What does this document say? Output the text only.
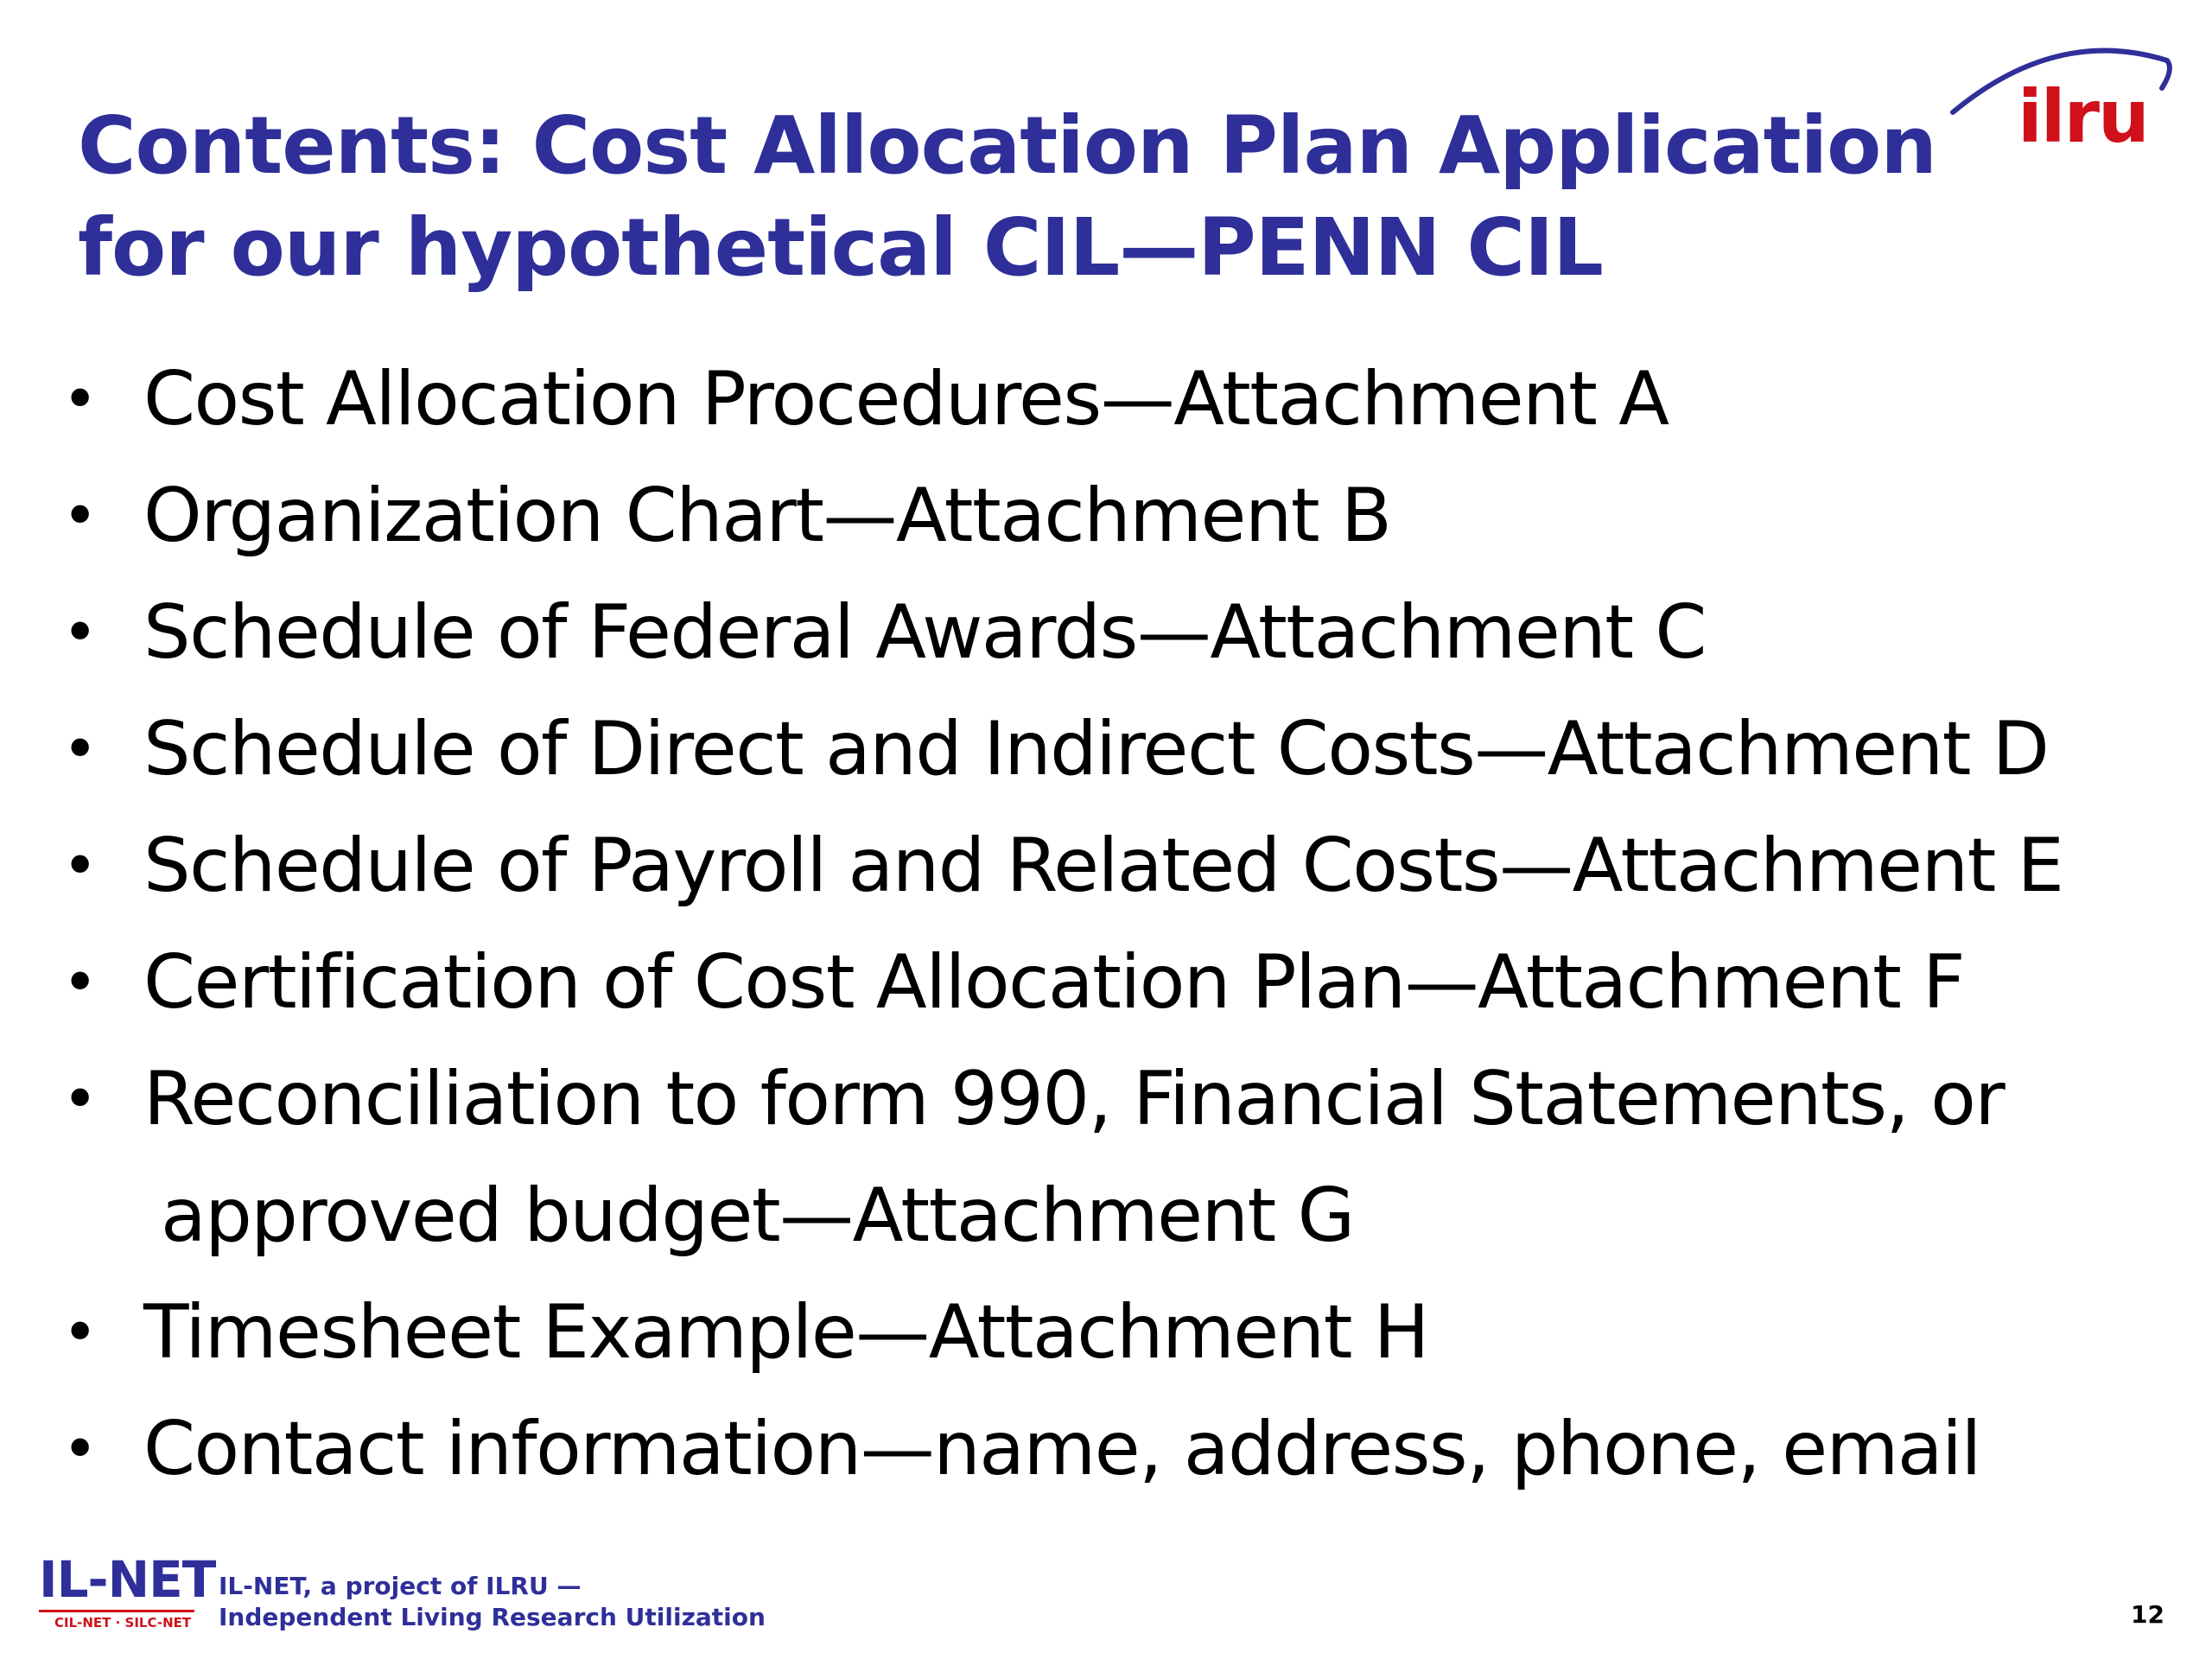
Contents: Cost Allocation Plan Application
for our hypothetical CIL—PENN CIL
ilru
• Cost Allocation Procedures—Attachment A
• Organization Chart—Attachment B
• Schedule of Federal Awards—Attachment C
• Schedule of Direct and Indirect Costs—Attachment D
• Schedule of Payroll and Related Costs—Attachment E
• Certification of Cost Allocation Plan—Attachment F
• Reconciliation to form 990, Financial Statements, or
approved budget—Attachment G
• Timesheet Example—Attachment H
• Contact information—name, address, phone, email
IL-NET
CIL-NET · SILC-NET
IL-NET, a project of ILRU —
Independent Living Research Utilization	12
